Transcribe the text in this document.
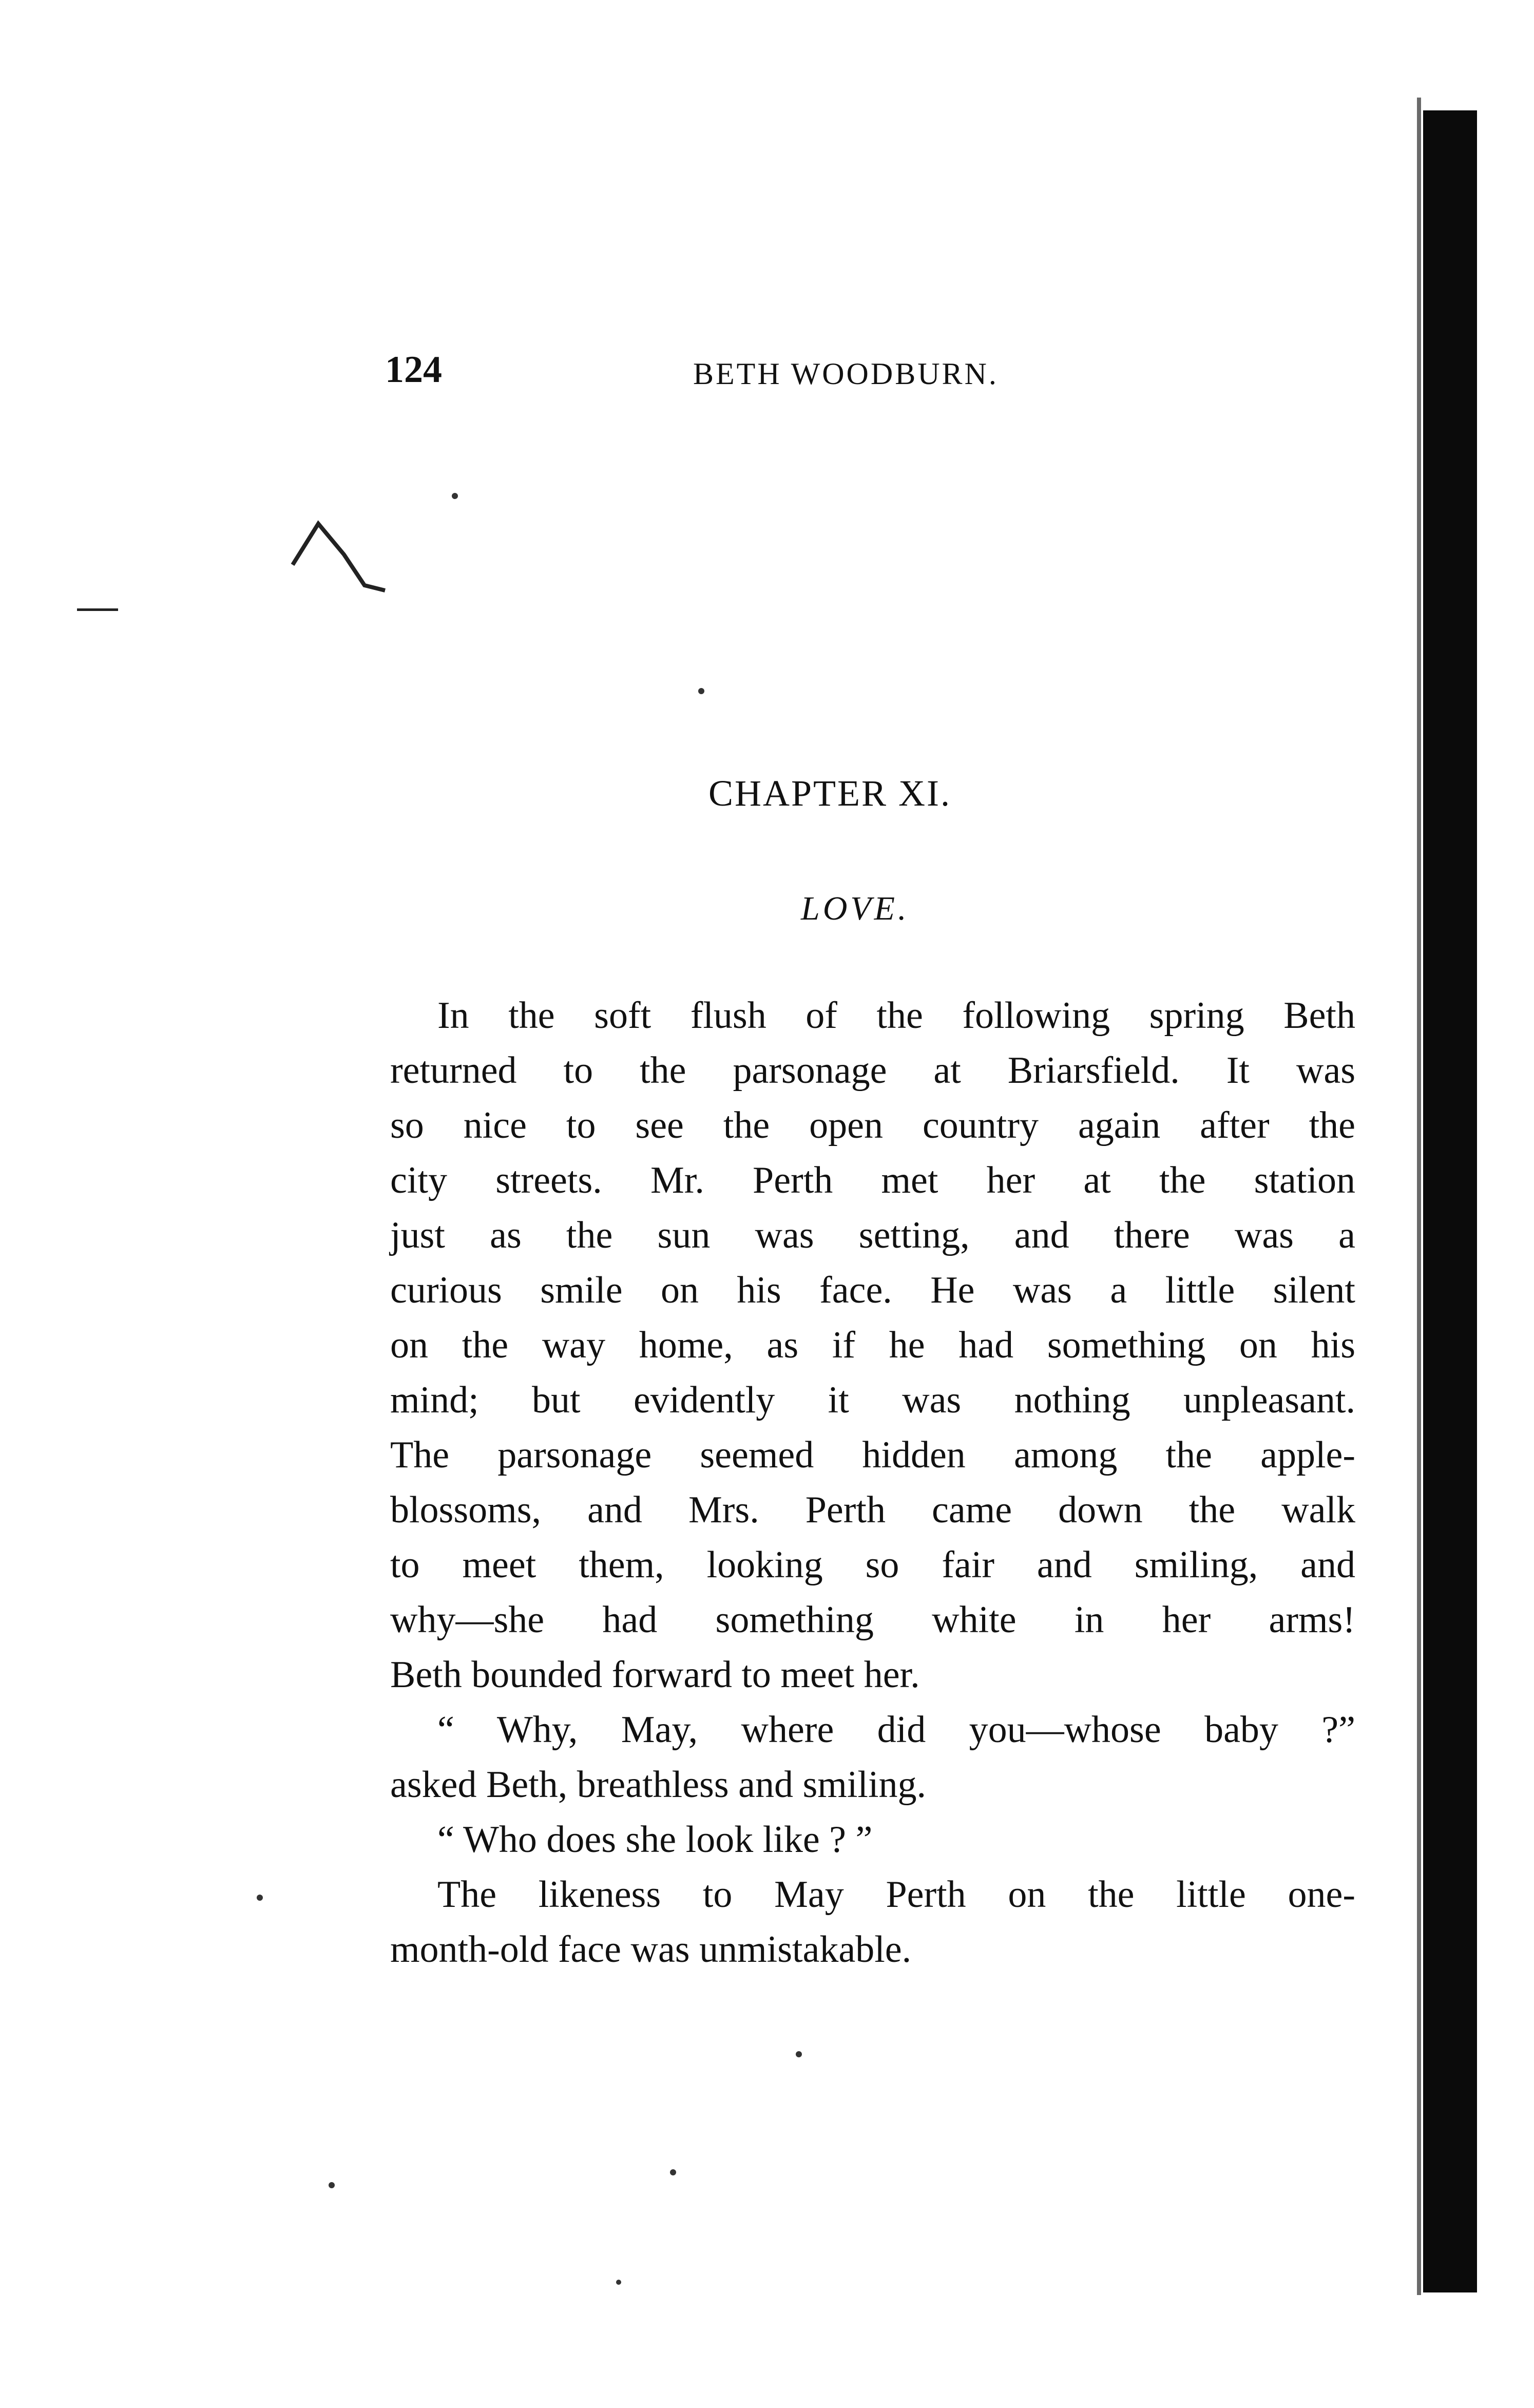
124	BETH WOODBURN.
CHAPTER XI.
LOVE.

In the soft flush of the following spring Beth

returned to the parsonage at Briarsfield. It was

so nice to see the open country again after the

city streets. Mr. Perth met her at the station

just as the sun was setting, and there was a

curious smile on his face. He was a little silent

on the way home, as if he had something on his

mind; but evidently it was nothing unpleasant.

The parsonage seemed hidden among the apple-

blossoms, and Mrs. Perth came down the walk

to meet them, looking so fair and smiling, and

why—she had something white in her arms!

Beth bounded forward to meet her.

“ Why, May, where did you—whose baby ?”

asked Beth, breathless and smiling.

“ Who does she look like ? ”

The likeness to May Perth on the little one-

month-old face was unmistakable.
